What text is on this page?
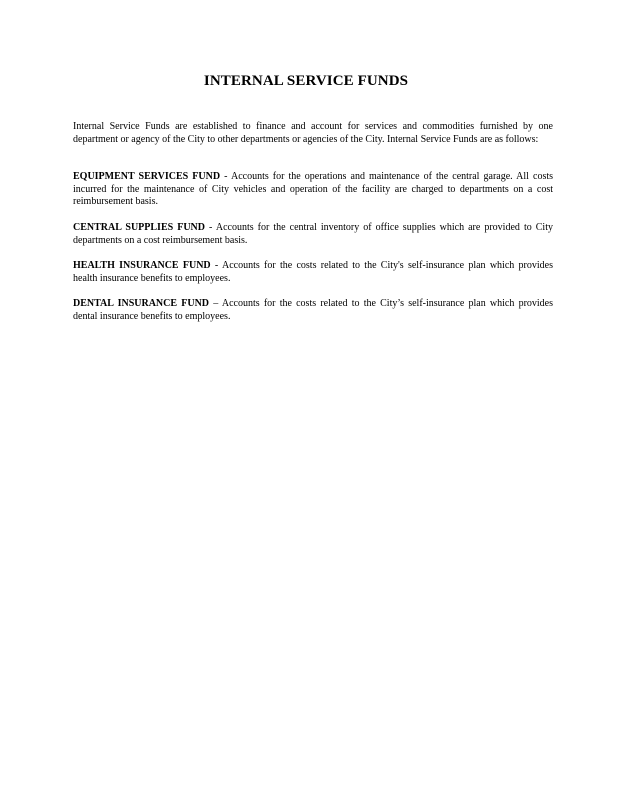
INTERNAL SERVICE FUNDS
Internal Service Funds are established to finance and account for services and commodities furnished by one department or agency of the City to other departments or agencies of the City. Internal Service Funds are as follows:
EQUIPMENT SERVICES FUND - Accounts for the operations and maintenance of the central garage. All costs incurred for the maintenance of City vehicles and operation of the facility are charged to departments on a cost reimbursement basis.
CENTRAL SUPPLIES FUND - Accounts for the central inventory of office supplies which are provided to City departments on a cost reimbursement basis.
HEALTH INSURANCE FUND - Accounts for the costs related to the City's self-insurance plan which provides health insurance benefits to employees.
DENTAL INSURANCE FUND – Accounts for the costs related to the City’s self-insurance plan which provides dental insurance benefits to employees.
